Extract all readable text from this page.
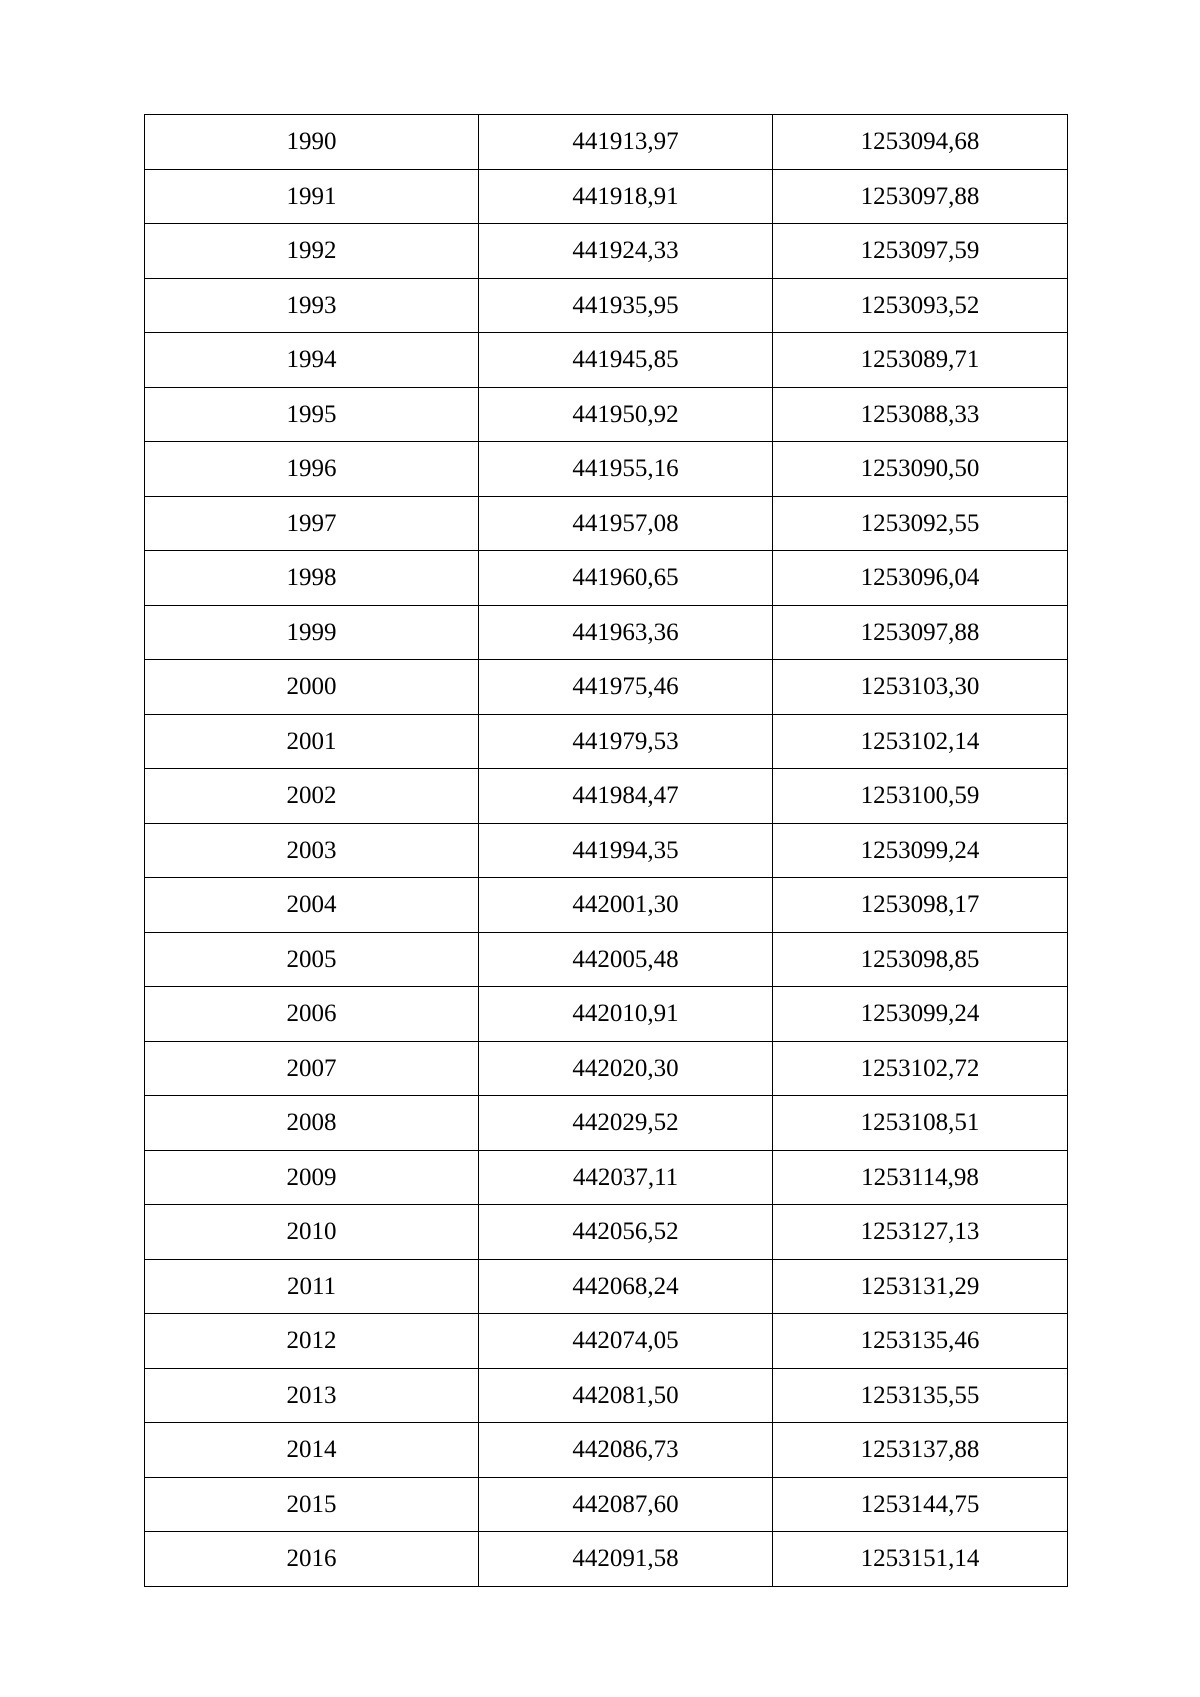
1990	441913,97	1253094,68
1991	441918,91	1253097,88
1992	441924,33	1253097,59
1993	441935,95	1253093,52
1994	441945,85	1253089,71
1995	441950,92	1253088,33
1996	441955,16	1253090,50
1997	441957,08	1253092,55
1998	441960,65	1253096,04
1999	441963,36	1253097,88
2000	441975,46	1253103,30
2001	441979,53	1253102,14
2002	441984,47	1253100,59
2003	441994,35	1253099,24
2004	442001,30	1253098,17
2005	442005,48	1253098,85
2006	442010,91	1253099,24
2007	442020,30	1253102,72
2008	442029,52	1253108,51
2009	442037,11	1253114,98
2010	442056,52	1253127,13
2011	442068,24	1253131,29
2012	442074,05	1253135,46
2013	442081,50	1253135,55
2014	442086,73	1253137,88
2015	442087,60	1253144,75
2016	442091,58	1253151,14
